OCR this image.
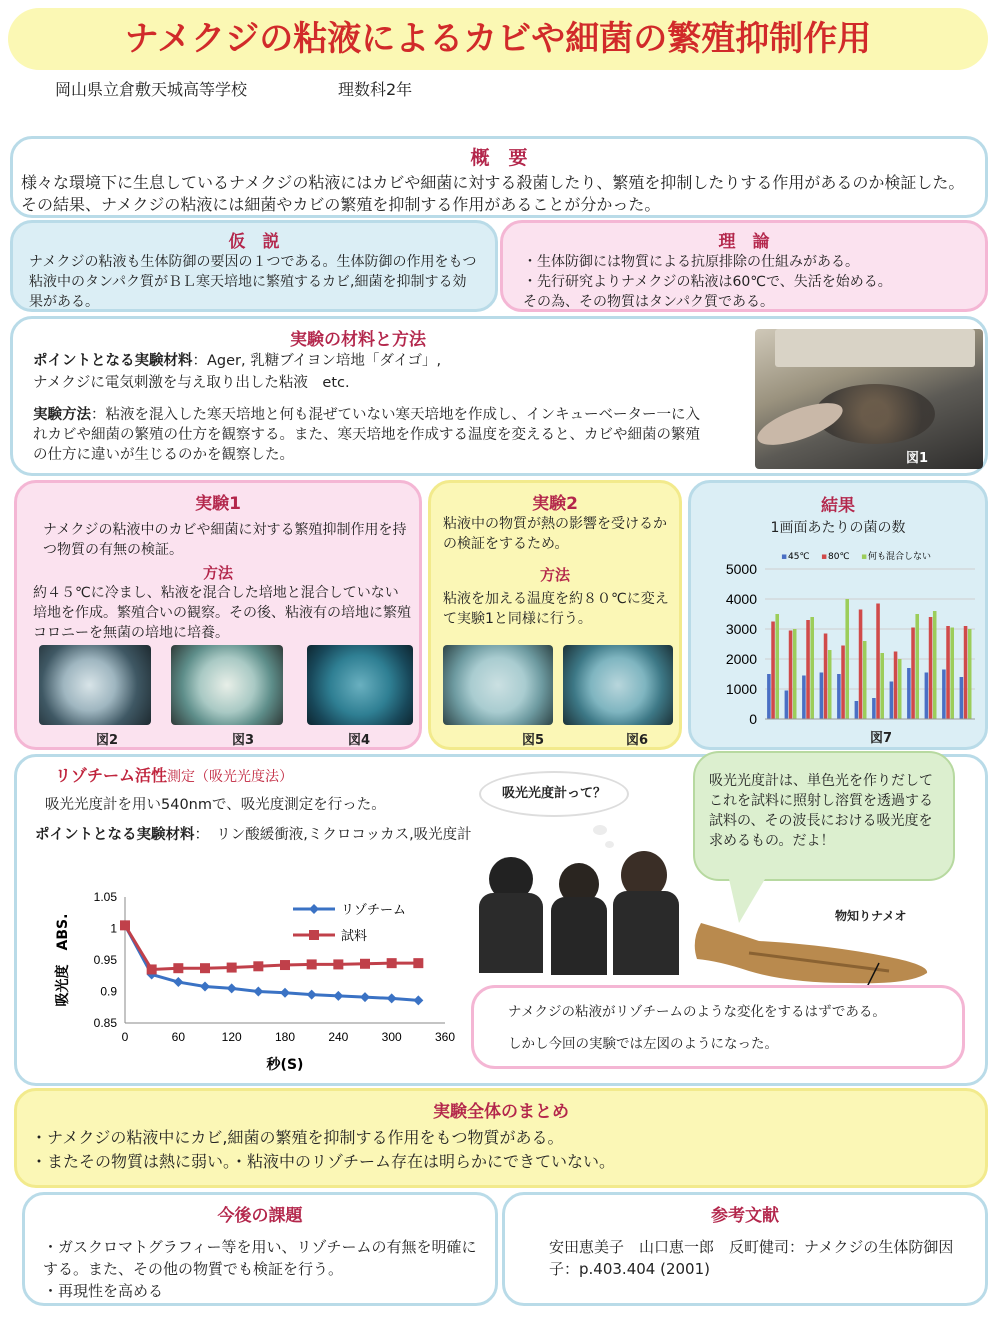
ナメクジの粘液によるカビや細菌の繁殖抑制作用
岡山県立倉敷天城高等学校	理数科2年
概　要
様々な環境下に生息しているナメクジの粘液にはカビや細菌に対する殺菌したり、繁殖を抑制したりする作用があるのか検証した。その結果、ナメクジの粘液には細菌やカビの繁殖を抑制する作用があることが分かった。
仮　説
ナメクジの粘液も生体防御の要因の１つである。生体防御の作用をもつ粘液中のタンパク質がＢＬ寒天培地に繁殖するカビ,細菌を抑制する効果がある。
理　論
・生体防御には物質による抗原排除の仕組みがある。
・先行研究よりナメクジの粘液は60℃で、失活を始める。
その為、その物質はタンパク質である。
実験の材料と方法
ポイントとなる実験材料：Ager, 乳糖ブイヨン培地「ダイゴ」,
ナメクジに電気刺激を与え取り出した粘液　etc.
実験方法：粘液を混入した寒天培地と何も混ぜていない寒天培地を作成し、インキューベーター一に入れカビや細菌の繁殖の仕方を観察する。また、寒天培地を作成する温度を変えると、カビや細菌の繁殖の仕方に違いが生じるのかを観察した。	図1
実験1
ナメクジの粘液中のカビや細菌に対する繁殖抑制作用を持つ物質の有無の検証。
方法
約４５℃に冷まし、粘液を混合した培地と混合していない培地を作成。繁殖合いの観察。その後、粘液有の培地に繁殖コロニーを無菌の培地に培養。
図2	図3	図4
実験2
粘液中の物質が熱の影響を受けるかの検証をするため。
方法
粘液を加える温度を約８０℃に変えて実験1と同様に行う。
図5	図6
結果
1画面あたりの菌の数
0
1000
2000
3000
4000
5000
▪ 45℃ ▪ 80℃ ▪ 何も混合しない
図7
リゾチーム活性測定（吸光光度法）
吸光光度計を用い540nmで、吸光度測定を行った。
ポイントとなる実験材料：　リン酸緩衝液,ミクロコッカス,吸光度計
0.85
0.9
0.95
1
1.05
0	60	120	180	240	300	360
秒(S)
吸光度　ABS.
リゾチーム
試料
吸光光度計って？
吸光光度計は、単色光を作りだしてこれを試料に照射し溶質を透過する試料の、その波長における吸光度を求めるもの。だよ！
物知りナメオ
ナメクジの粘液がリゾチームのような変化をするはずである。
しかし今回の実験では左図のようになった。
実験全体のまとめ
・ナメクジの粘液中にカビ,細菌の繁殖を抑制する作用をもつ物質がある。
・またその物質は熱に弱い。・粘液中のリゾチーム存在は明らかにできていない。
今後の課題
・ガスクロマトグラフィー等を用い、リゾチームの有無を明確にする。また、その他の物質でも検証を行う。
・再現性を高める
参考文献
安田恵美子　山口恵一郎　反町健司：ナメクジの生体防御因子：p.403.404 (2001)
